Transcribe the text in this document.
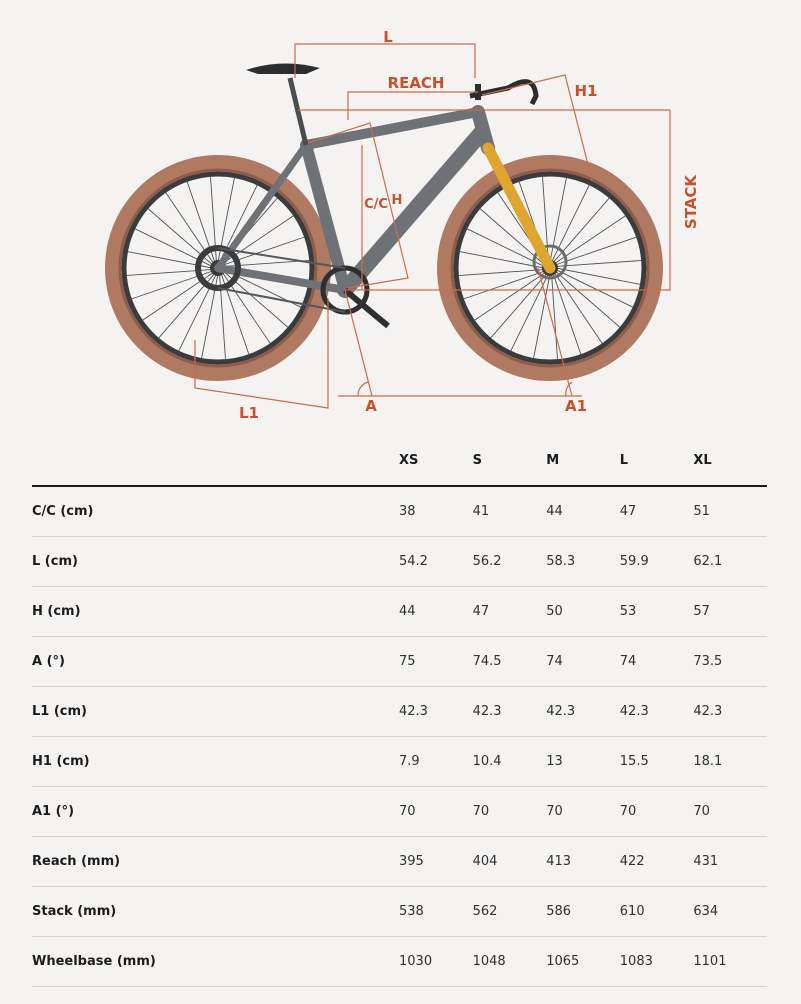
L
REACH	H1
STACK
C/C H
A	A1
L1
	XS	S	M	L	XL
C/C (cm)	38	41	44	47	51
L (cm)	54.2	56.2	58.3	59.9	62.1
H (cm)	44	47	50	53	57
A (°)	75	74.5	74	74	73.5
L1 (cm)	42.3	42.3	42.3	42.3	42.3
H1 (cm)	7.9	10.4	13	15.5	18.1
A1 (°)	70	70	70	70	70
Reach (mm)	395	404	413	422	431
Stack (mm)	538	562	586	610	634
Wheelbase (mm)	1030	1048	1065	1083	1101
